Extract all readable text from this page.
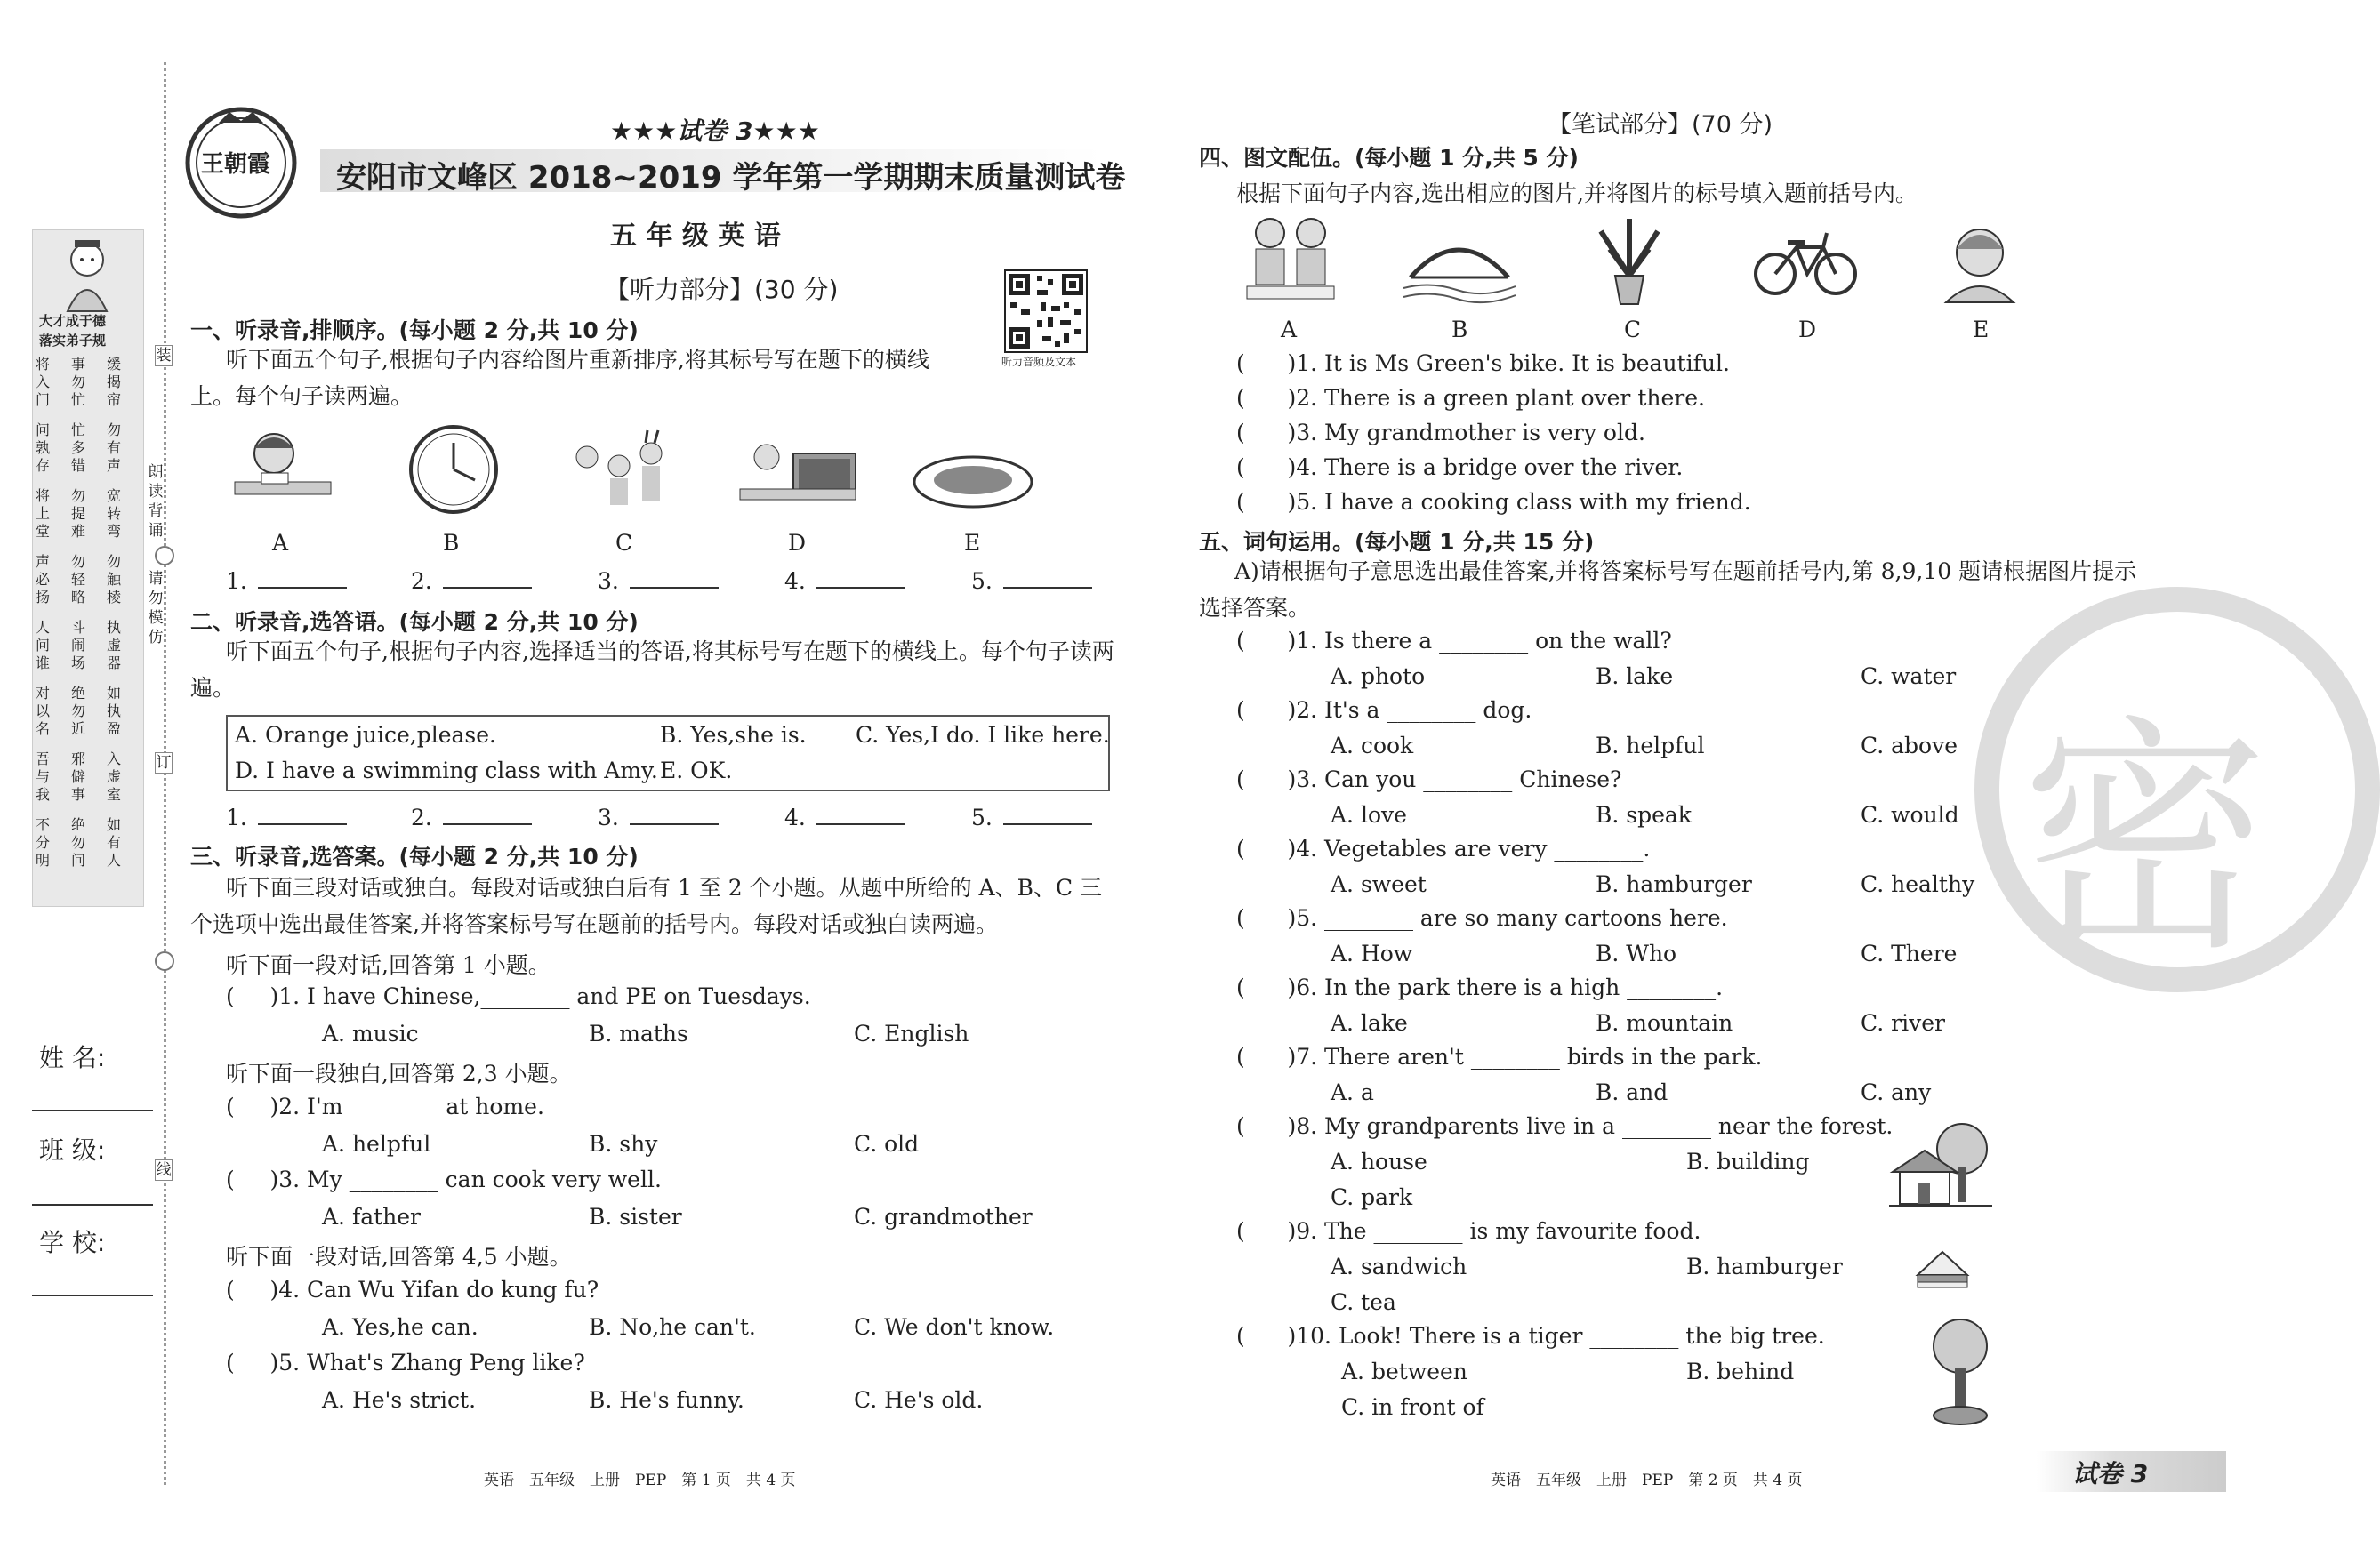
大才成于德
落实弟子规
将入门
事勿忙
缓揭帘
问孰存
忙多错
勿有声
将上堂
勿提难
宽转弯
声必扬
勿轻略
勿触棱
人问谁
斗闹场
执虚器
对以名
绝勿近
如执盈
吾与我
邪僻事
入虚室
不分明
绝勿问
如有人
姓 名:
班 级:
学 校:
装
订
线
朗读背诵
请勿模仿
王朝霞
★★★试卷 3★★★
安阳市文峰区 2018~2019 学年第一学期期末质量测试卷
五 年 级 英 语
【听力部分】(30 分)
听力音频及文本
一、听录音,排顺序。(每小题 2 分,共 10 分)
听下面五个句子,根据句子内容给图片重新排序,将其标号写在题下的横线上。每个句子读两遍。
A	B	C	D	E
1.	2.	3.	4.	5.
二、听录音,选答语。(每小题 2 分,共 10 分)
听下面五个句子,根据句子内容,选择适当的答语,将其标号写在题下的横线上。每个句子读两遍。
A. Orange juice,please.	B. Yes,she is. C. Yes,I do. I like here.
D. I have a swimming class with Amy. E. OK.
1.	2.	3.	4.	5.
三、听录音,选答案。(每小题 2 分,共 10 分)
听下面三段对话或独白。每段对话或独白后有 1 至 2 个小题。从题中所给的 A、B、C 三个选项中选出最佳答案,并将答案标号写在题前的括号内。每段对话或独白读两遍。
听下面一段对话,回答第 1 小题。
(     )1. I have Chinese,________ and PE on Tuesdays.
A. music	B. maths	C. English
听下面一段独白,回答第 2,3 小题。
(     )2. I'm ________ at home.
A. helpful	B. shy	C. old
(     )3. My ________ can cook very well.
A. father	B. sister	C. grandmother
听下面一段对话,回答第 4,5 小题。
(     )4. Can Wu Yifan do kung fu?
A. Yes,he can.	B. No,he can't.	C. We don't know.
(     )5. What's Zhang Peng like?
A. He's strict.	B. He's funny.	C. He's old.
英语　五年级　上册　PEP　第 1 页　共 4 页
【笔试部分】(70 分)
四、图文配伍。(每小题 1 分,共 5 分)
根据下面句子内容,选出相应的图片,并将图片的标号填入题前括号内。
A	B	C	D	E
(      )1. It is Ms Green's bike. It is beautiful.
(      )2. There is a green plant over there.
(      )3. My grandmother is very old.
(      )4. There is a bridge over the river.
(      )5. I have a cooking class with my friend.
密
五、词句运用。(每小题 1 分,共 15 分)
A)请根据句子意思选出最佳答案,并将答案标号写在题前括号内,第 8,9,10 题请根据图片提示选择答案。
(      )1. Is there a ________ on the wall?
A. photo	B. lake	C. water
(      )2. It's a ________ dog.
A. cook	B. helpful	C. above
(      )3. Can you ________ Chinese?
A. love	B. speak	C. would
(      )4. Vegetables are very ________.
A. sweet	B. hamburger	C. healthy
(      )5. ________ are so many cartoons here.
A. How	B. Who	C. There
(      )6. In the park there is a high ________.
A. lake	B. mountain	C. river
(      )7. There aren't ________ birds in the park.
A. a	B. and	C. any
(      )8. My grandparents live in a ________ near the forest.
A. house	B. building
C. park
(      )9. The ________ is my favourite food.
A. sandwich	B. hamburger
C. tea
(      )10. Look! There is a tiger ________ the big tree.
A. between	B. behind
C. in front of
英语　五年级　上册　PEP　第 2 页　共 4 页	试卷 3
